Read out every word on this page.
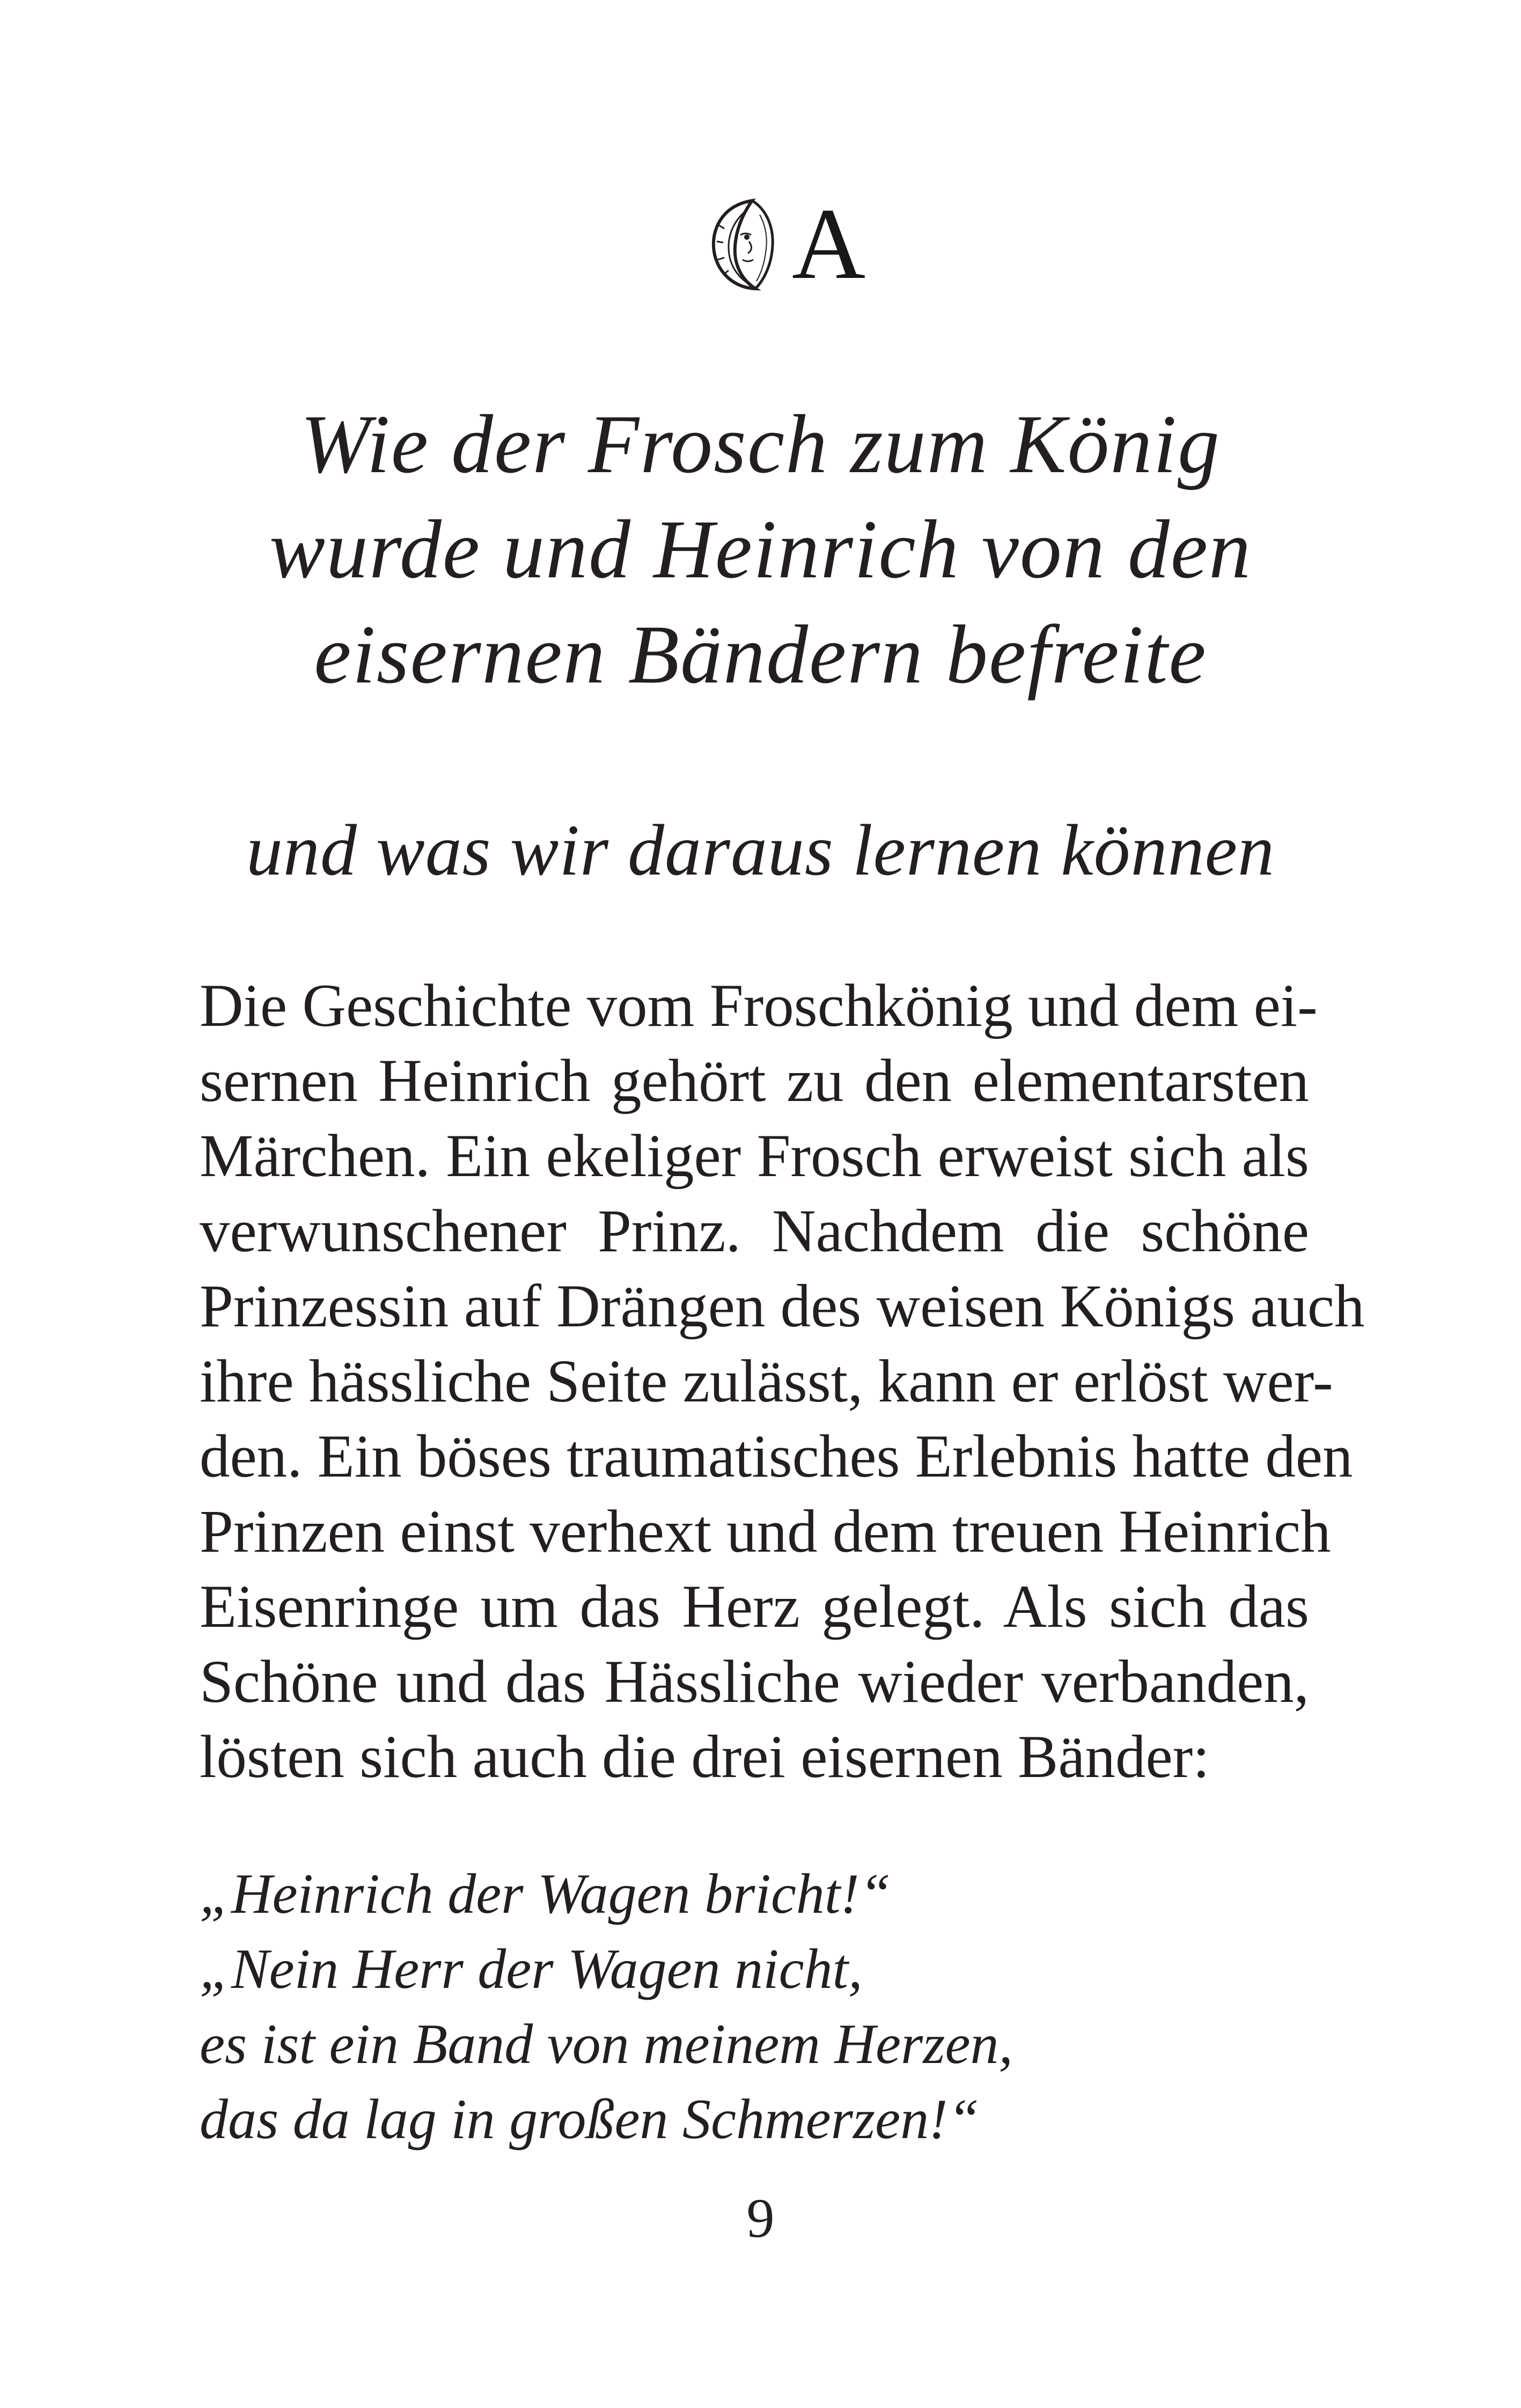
A
Wie der Frosch zum König
wurde und Heinrich von den
eisernen Bändern befreite
und was wir daraus lernen können
Die Geschichte vom Froschkönig und dem ei-
sernen Heinrich gehört zu den elementarsten
Märchen. Ein ekeliger Frosch erweist sich als
verwunschener Prinz. Nachdem die schöne
Prinzessin auf Drängen des weisen Königs auch
ihre hässliche Seite zulässt, kann er erlöst wer-
den. Ein böses traumatisches Erlebnis hatte den
Prinzen einst verhext und dem treuen Heinrich
Eisenringe um das Herz gelegt. Als sich das
Schöne und das Hässliche wieder verbanden,
lösten sich auch die drei eisernen Bänder:
„Heinrich der Wagen bricht!“
„Nein Herr der Wagen nicht,
es ist ein Band von meinem Herzen,
das da lag in großen Schmerzen!“
9
